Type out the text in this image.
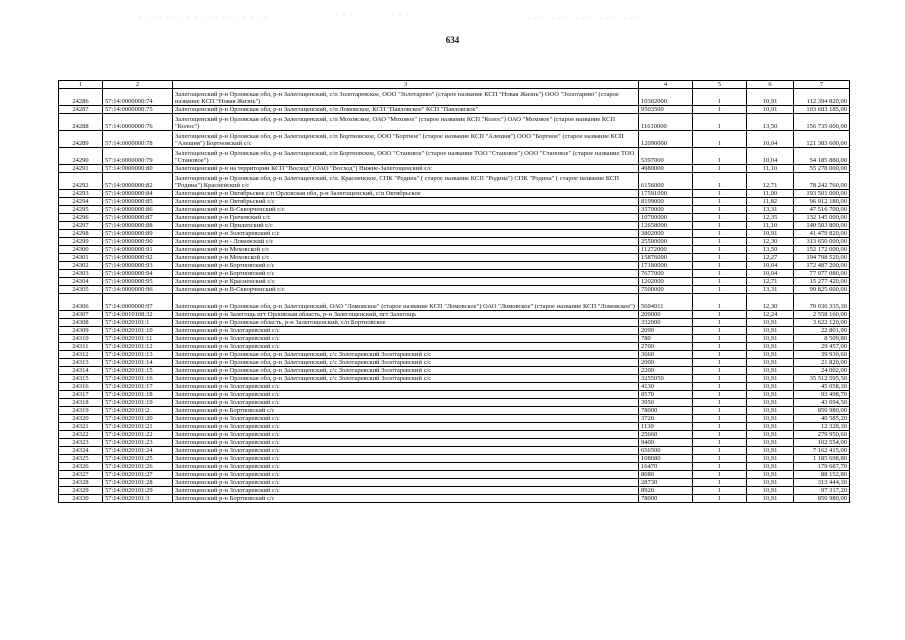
634
1	2	3	4	5	6	7
24286	57:14:0000000:74	Залегощенский р-н Орловская обл, р-н Залегощенский, с/п Золотаревское, ООО "Золотарево" (старое название КСП "Новая Жизнь") ООО "Золотарево" (старое название КСП "Новая Жизнь")	10302000	1	10,91	112 394 820,00
24287	57:14:0000000:75	Залегощенский р-н Орловская обл, р-н Залегощенский, с/п Ломовское, КСП "Павловское" КСП "Павловское"	9503500	1	10,91	103 683 185,00
24288	57:14:0000000:76	Залегощенский р-н Орловская обл, р-н Залегощенский, с/п Моховское, ОАО "Моховое" (старое название КСП "Колос") ОАО "Моховое" (старое название КСП "Колос")	11610000	1	13,50	156 735 000,00
24289	57:14:0000000:78	Залегощенский р-н Орловская обл, р-н Залегощенский, с/п Бортновское, ООО "Бортное" (старое название КСП "Алешня") ООО "Бортное" (старое название КСП "Алешня") Бортновский с/с	12090000	1	10,04	121 383 600,00
24290	57:14:0000000:79	Залегощенский р-н Орловская обл, р-н Залегощенский, с/п Бортновское, ООО "Становое" (старое название ТОО "Становое") ООО "Становое" (старое название ТОО "Становое")	5397000	1	10,04	54 185 880,00
24291	57:14:0000000:80	Залегощенский р-н на территории КСП "Восход" (ОАО "Восход") Нижне-Залегощенский с/с	4980000	1	11,10	55 278 000,00
24292	57:14:0000000:82	Залегощенский р-н Орловская обл, р-н Залегощенский, с/п. Красненское, СПК "Родина" ( старое название КСП "Родина") СПК "Родина" ( старое название КСП "Родина") Красненский с/с	6156000	1	12,71	78 242 760,00
24293	57:14:0000000:84	Залегощенский р-н Октябрьское с/п Орловская обл, р-н Залегощенский, с/п Октябрьское	17591000	1	11,00	193 501 000,00
24294	57:14:0000000:85	Залегощенский р-н Октябрьский с/с	8199000	1	11,82	96 912 180,00
24295	57:14:0000000:86	Залегощенский р-н В-Скворченский с/с	3570000	1	13,31	47 516 700,00
24296	57:14:0000000:87	Залегощенский р-н Гречевский с/с	10700000	1	12,35	132 145 000,00
24297	57:14:0000000:88	Залегощенский р-н Прилепский с/с	12658000	1	11,10	140 503 800,00
24298	57:14:0000000:89	Залегощенский р-н Золотаревский с/с	3802000	1	10,91	41 479 820,00
24299	57:14:0000000:90	Залегощенский р-н - Ломовский с/с	25500000	1	12,30	313 650 000,00
24300	57:14:0000000:91	Залегощенский р-н Моховской с/с	11272000	1	13,50	152 172 000,00
24301	57:14:0000000:92	Залегощенский р-н Моховской с/с	15876000	1	12,27	194 798 520,00
24302	57:14:0000000:93	Залегощенский р-н Бортновский с/с	17180000	1	10,04	172 487 200,00
24303	57:14:0000000:94	Залегощенский р-н Бортновский с/с	7677000	1	10,04	77 077 080,00
24304	57:14:0000000:95	Залегощенский р-н Красненский с/с	1202000	1	12,71	15 277 420,00
24305	57:14:0000000:96	Залегощенский р-н В-Скворченский с/с	7500000	1	13,31	99 825 000,00
24306	57:14:0000000:97	Залегощенский р-н Орловская обл, р-н Залегощенский, ОАО "Ломовское" (старое название КСП "Ломовское") ОАО "Ломовское" (старое название КСП "Ломовское")	5694011	1	12,30	70 036 335,30
24307	57:14:0010108:32	Залегощенский р-н Залегощь пгт Орловская область, р-н Залегощенский, пгт Залегощь	209000	1	12,24	2 558 160,00
24308	57:14:0020101:1	Залегощенский р-н Орловская область, р-н Залегощенский, с/п Бортновское	332000	1	10,91	3 622 120,00
24309	57:14:0020101:10	Залегощенский р-н Золотаревский с/с	2090	1	10,91	22 801,90
24310	57:14:0020101:11	Залегощенский р-н Золотаревский с/с	780	1	10,91	8 509,80
24311	57:14:0020101:12	Залегощенский р-н Золотаревский с/с	2700	1	10,91	29 457,00
24312	57:14:0020101:13	Залегощенский р-н Орловская обл, р-н Залегощенский, с/с Золотаревский Золотаревский с/с	3660	1	10,91	39 930,60
24313	57:14:0020101:14	Залегощенский р-н Орловская обл, р-н Залегощенский, с/с Золотаревский Золотаревский с/с	2000	1	10,91	21 820,00
24314	57:14:0020101:15	Залегощенский р-н Орловская обл, р-н Залегощенский, с/с Золотаревский Золотаревский с/с	2200	1	10,91	24 002,00
24315	57:14:0020101:16	Залегощенский р-н Орловская обл, р-н Залегощенский, с/с Золотаревский Золотаревский с/с	3255050	1	10,91	35 512 595,50
24316	57:14:0020101:17	Залегощенский р-н Золотаревский с/с	4130	1	10,91	45 058,30
24317	57:14:0020101:18	Залегощенский р-н Золотаревский с/с	8570	1	10,91	93 498,70
24318	57:14:0020101:19	Залегощенский р-н Золотаревский с/с	3950	1	10,91	43 094,50
24319	57:14:0020101:2	Залегощенский р-н Бортновский с/с	78000	1	10,91	850 980,00
24320	57:14:0020101:20	Залегощенский р-н Золотаревский с/с	3720	1	10,91	40 585,20
24321	57:14:0020101:21	Залегощенский р-н Золотаревский с/с	1130	1	10,91	12 328,30
24322	57:14:0020101:22	Залегощенский р-н Золотаревский с/с	25660	1	10,91	279 950,60
24323	57:14:0020101:23	Залегощенский р-н Золотаревский с/с	9400	1	10,91	102 554,00
24324	57:14:0020101:24	Залегощенский р-н Золотаревский с/с	656500	1	10,91	7 162 415,00
24325	57:14:0020101:25	Залегощенский р-н Золотаревский с/с	108680	1	10,91	1 185 698,80
24326	57:14:0020101:26	Залегощенский р-н Золотаревский с/с	16470	1	10,91	179 687,70
24327	57:14:0020101:27	Залегощенский р-н Золотаревский с/с	8080	1	10,91	88 152,80
24328	57:14:0020101:28	Залегощенский р-н Золотаревский с/с	28730	1	10,91	313 444,30
24329	57:14:0020101:29	Залегощенский р-н Золотаревский с/с	8920	1	10,91	97 317,20
24330	57:14:0020101:3	Залегощенский р-н Бортновский с/с	78000	1	10,91	850 980,00
